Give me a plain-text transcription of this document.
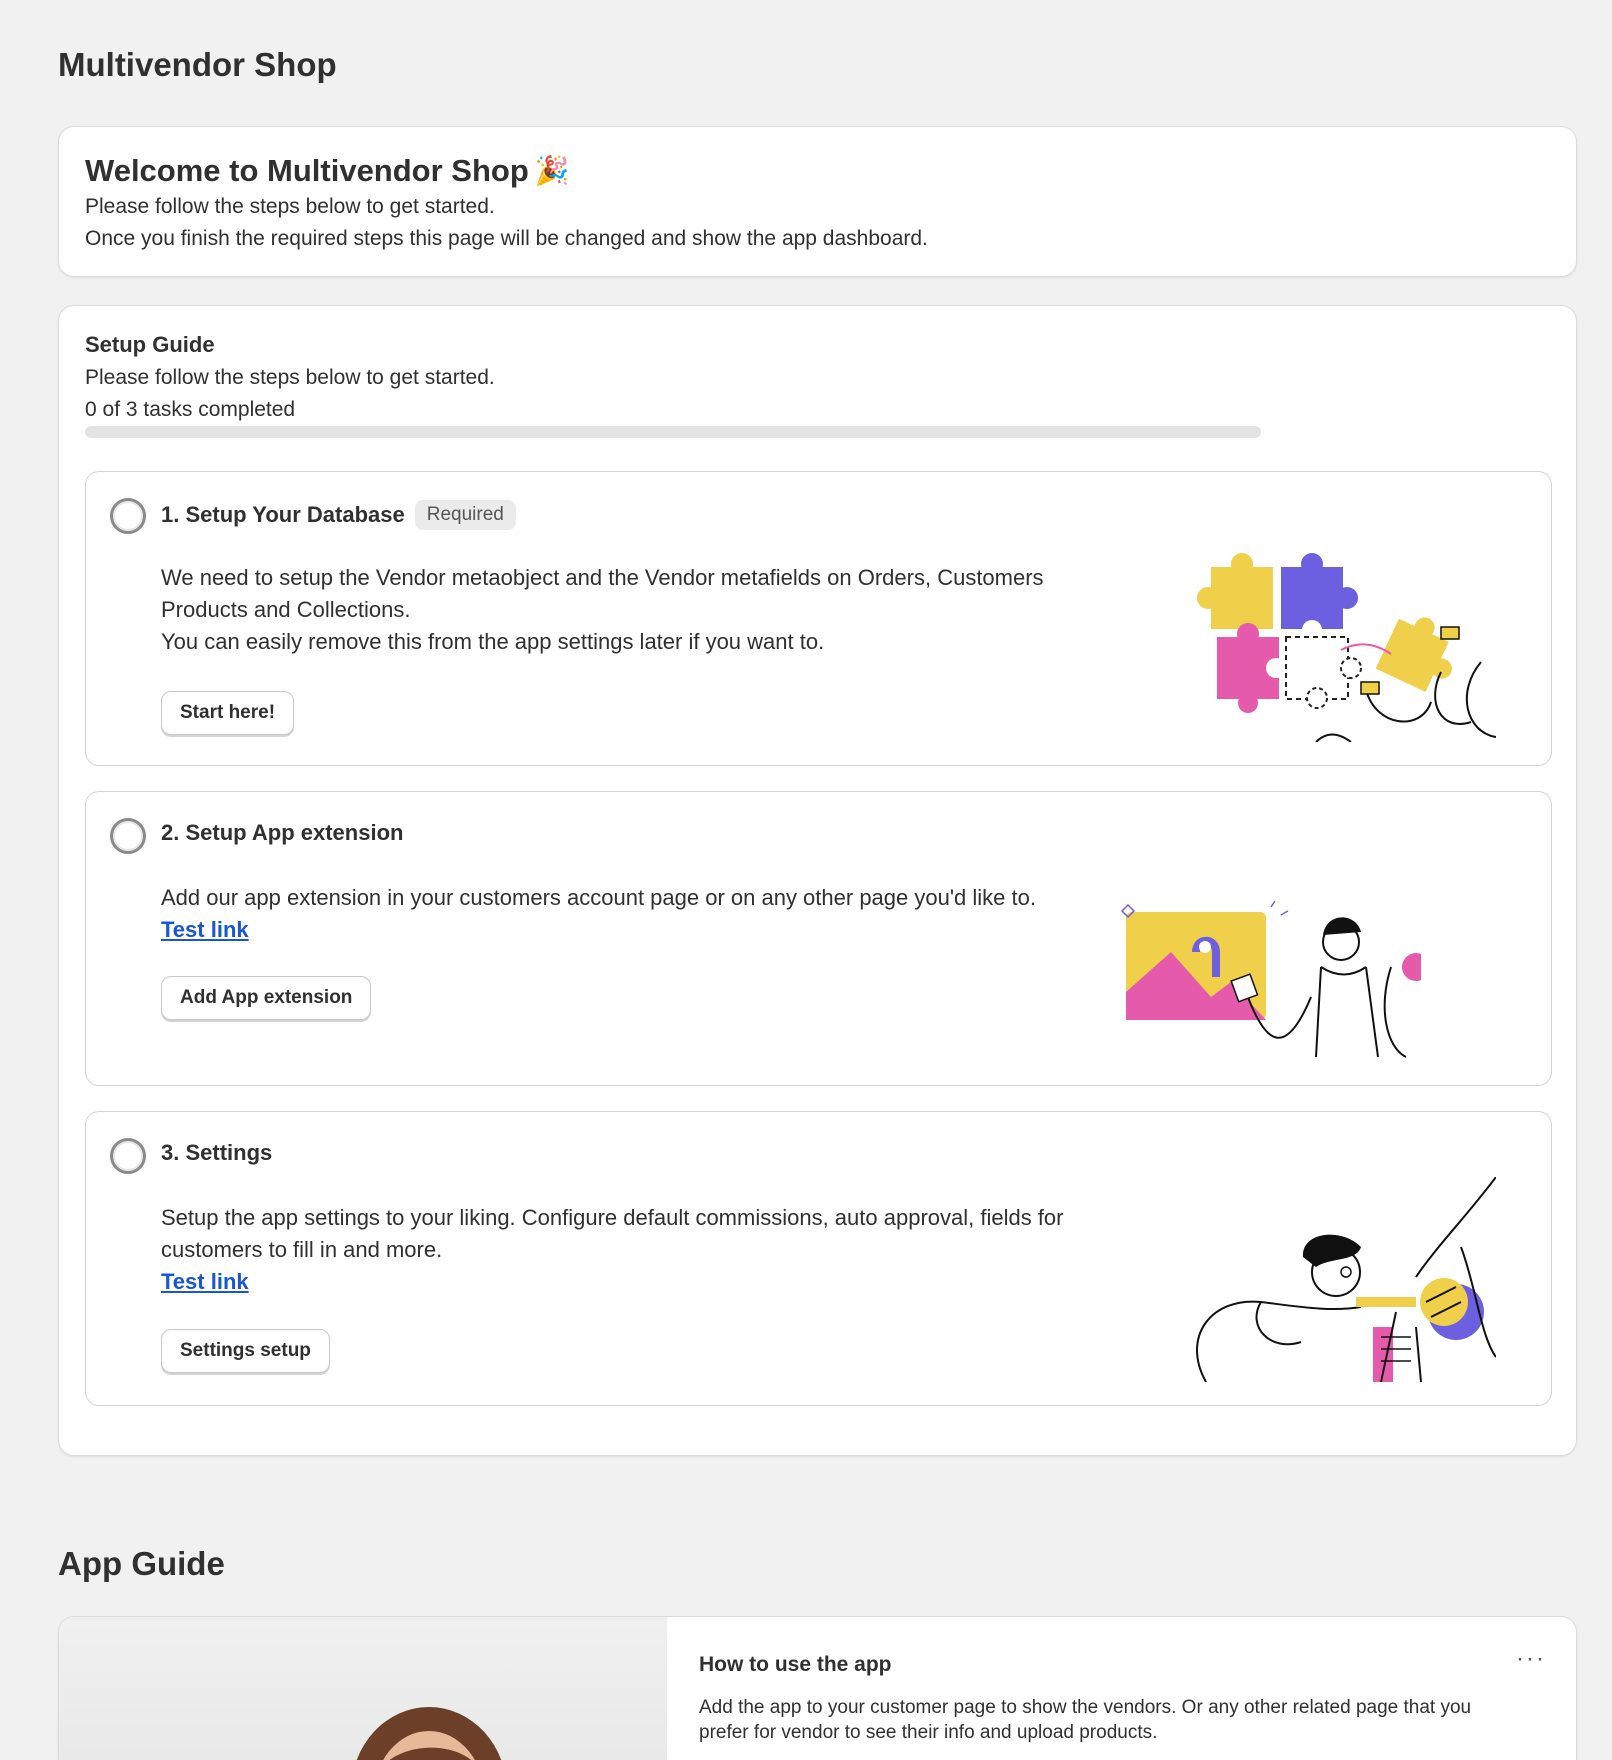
Multivendor Shop
Welcome to Multivendor Shop 🎉
Please follow the steps below to get started.
Once you finish the required steps this page will be changed and show the app dashboard.
Setup Guide
Please follow the steps below to get started.
0 of 3 tasks completed
1. Setup Your Database	Required
We need to setup the Vendor metaobject and the Vendor metafields on Orders, Customers Products and Collections.
You can easily remove this from the app settings later if you want to.
Start here!
2. Setup App extension
Add our app extension in your customers account page or on any other page you'd like to.
Test link
Add App extension
3. Settings
Setup the app settings to your liking. Configure default commissions, auto approval, fields for customers to fill in and more.
Test link
Settings setup
App Guide
How to use the app	···
Add the app to your customer page to show the vendors. Or any other related page that you prefer for vendor to see their info and upload products.
